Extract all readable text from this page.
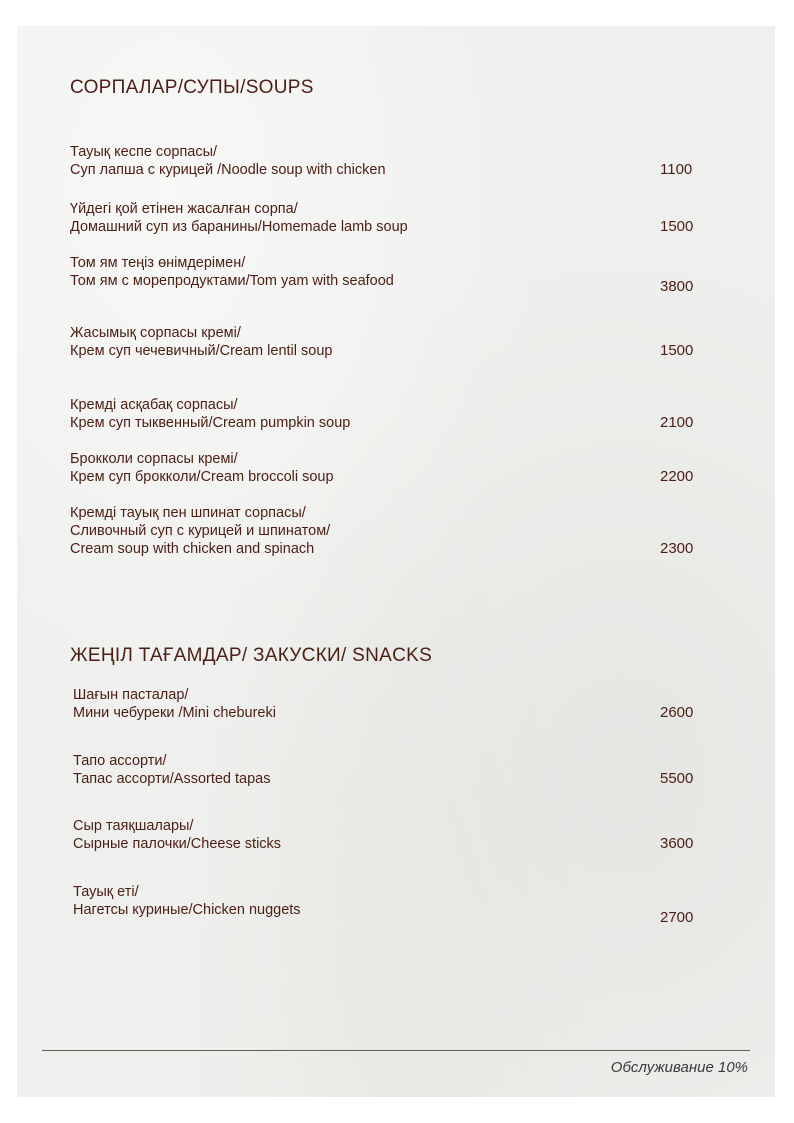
СОРПАЛАР/СУПЫ/SOUPS
Тауық кеспе сорпасы/
Суп лапша с курицей /Noodle soup with chicken	1100
Үйдегі қой етінен жасалған сорпа/
Домашний суп из баранины/Homemade lamb soup	1500
Том ям теңіз өнімдерімен/
Том ям с морепродуктами/Tom yam with seafood	3800
Жасымық сорпасы кремі/
Крем суп чечевичный/Cream lentil soup	1500
Кремді асқабақ сорпасы/
Крем суп тыквенный/Cream pumpkin soup	2100
Брокколи сорпасы кремі/
Крем суп брокколи/Cream broccoli soup	2200
Кремді тауық пен шпинат сорпасы/
Сливочный суп с курицей и шпинатом/
Cream soup with chicken and spinach	2300
ЖЕҢІЛ ТАҒАМДАР/ ЗАКУСКИ/ SNACKS
Шағын пасталар/
Мини чебуреки /Mini chebureki	2600
Тапо ассорти/
Тапас ассорти/Assorted tapas	5500
Сыр таяқшалары/
Сырные палочки/Cheese sticks	3600
Тауық еті/
Нагетсы куриные/Chicken nuggets	2700
Обслуживание 10%
